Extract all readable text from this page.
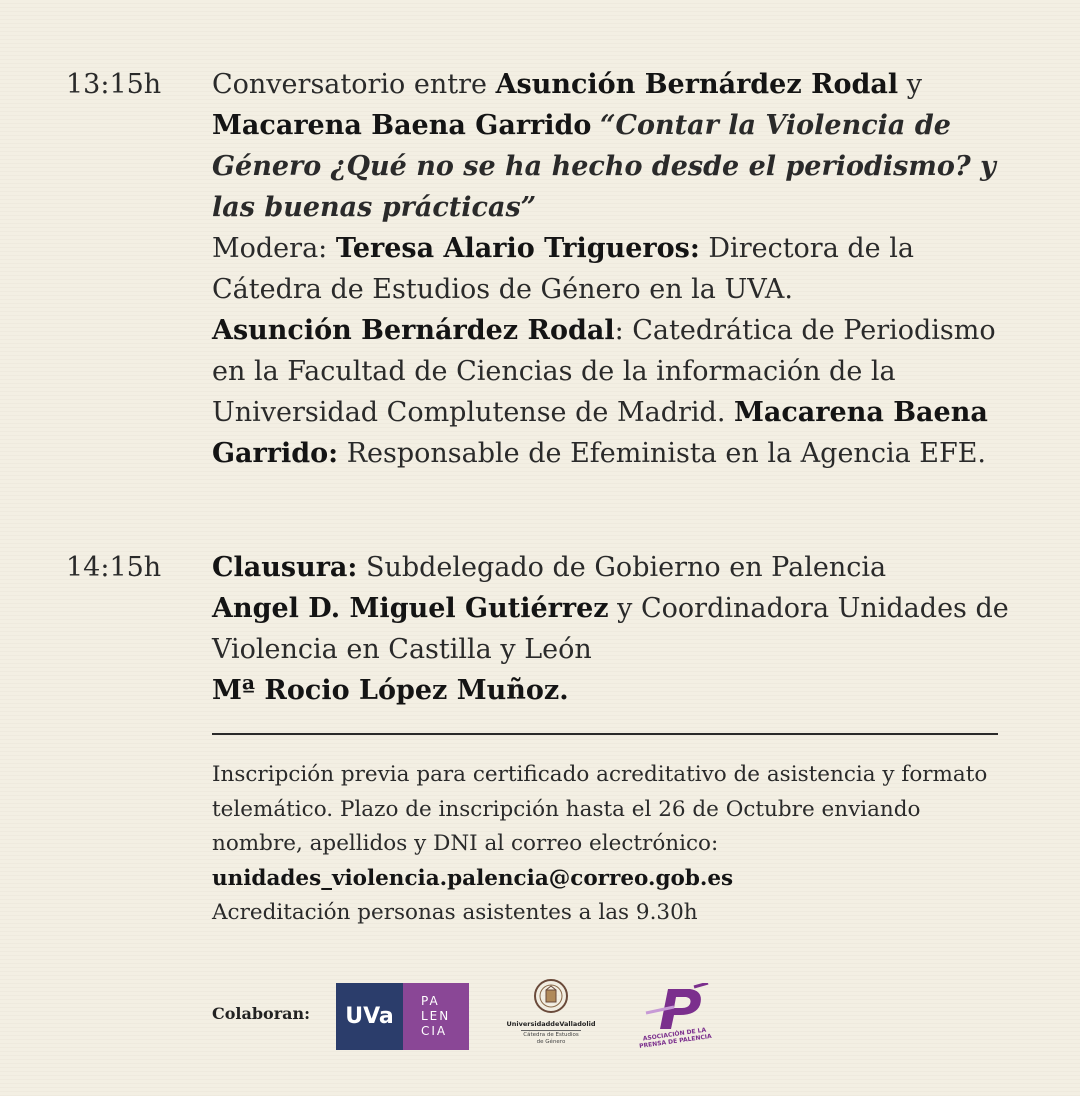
13:15h Conversatorio entre Asunción Bernárdez Rodal y
Macarena Baena Garrido “Contar la Violencia de Género ¿Qué no se ha hecho desde el periodismo? y las buenas prácticas”

Modera: Teresa Alario Trigueros: Directora de la Cátedra de Estudios de Género en la UVA.

Asunción Bernárdez Rodal: Catedrática de Periodismo en la Facultad de Ciencias de la información de la Universidad Complutense de Madrid. Macarena Baena Garrido: Responsable de Efeminista en la Agencia EFE.

14:15h Clausura: Subdelegado de Gobierno en Palencia
Angel D. Miguel Gutiérrez y Coordinadora Unidades de Violencia en Castilla y León
Mª Rocio López Muñoz.

Inscripción previa para certificado acreditativo de asistencia y formato telemático. Plazo de inscripción hasta el 26 de Octubre enviando nombre, apellidos y DNI al correo electrónico: unidades_violencia.palencia@correo.gob.es

Acreditación personas asistentes a las 9.30h

Colaboran:	UVa
PA
LEN
CIA	UniversidaddeValladolid
Cátedra de Estudios de Género	ASOCIACIÓN DE LA PRENSA DE PALENCIA
